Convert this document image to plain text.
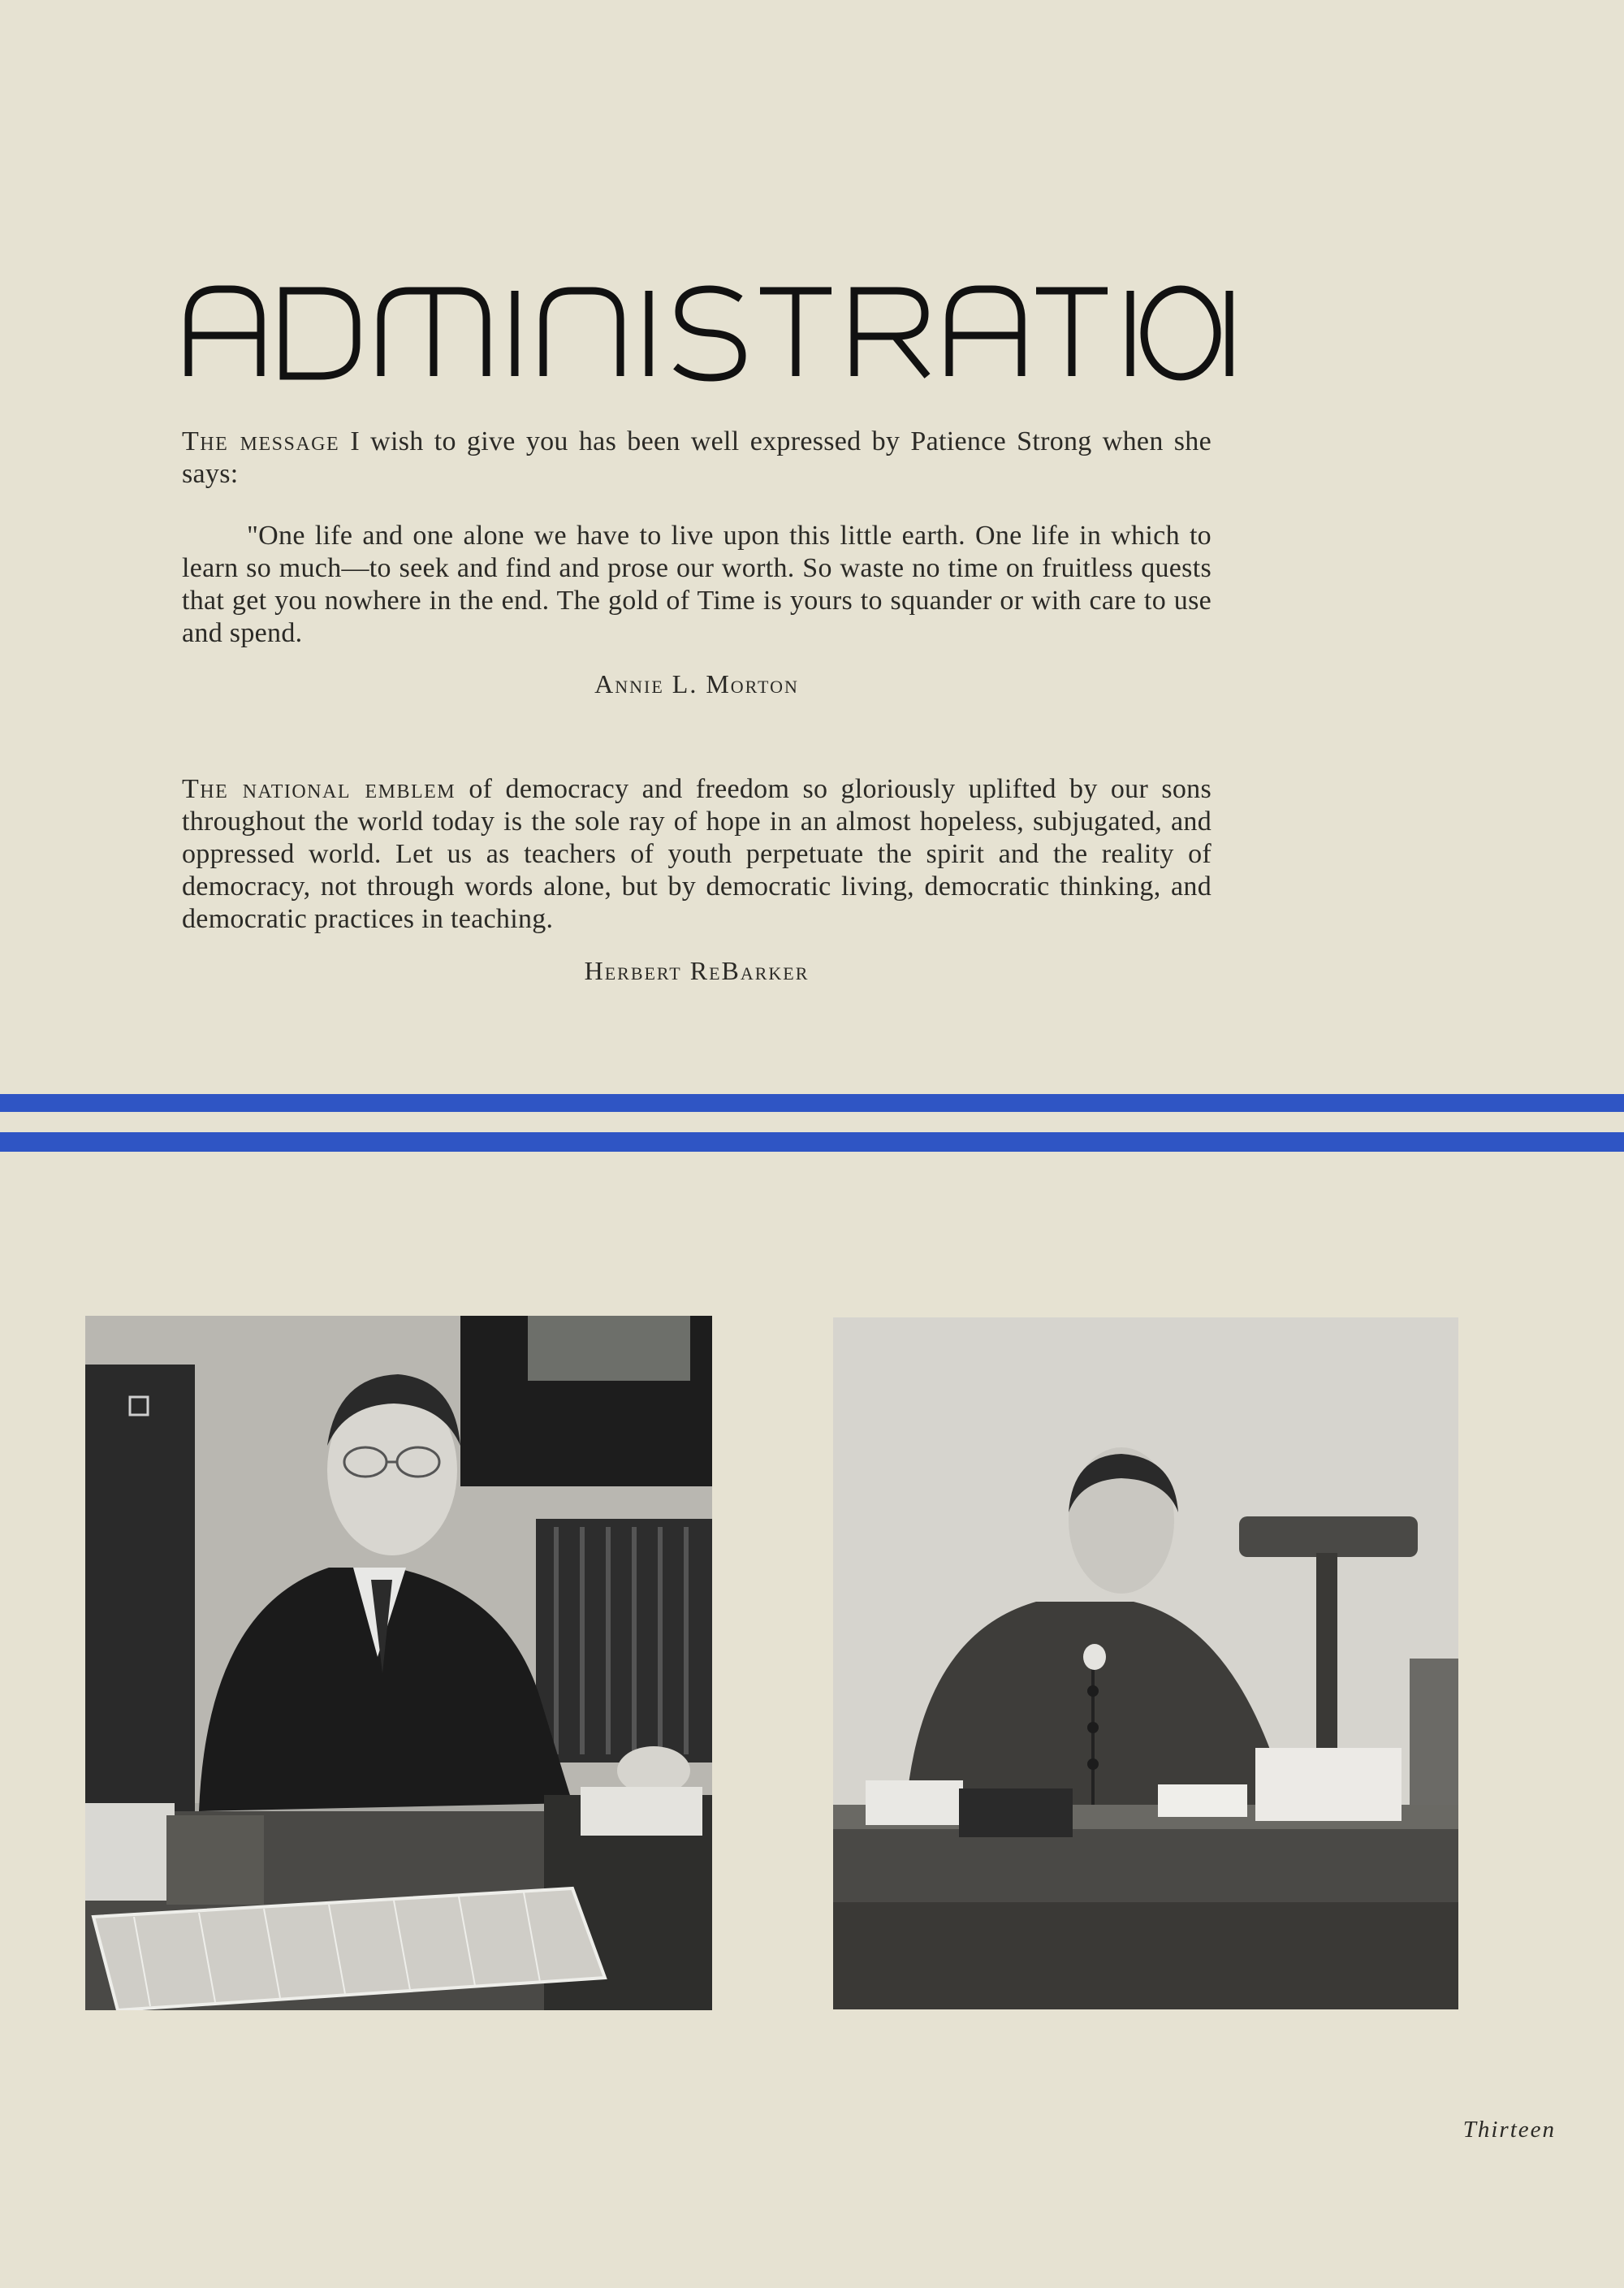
The message I wish to give you has been well expressed by Patience Strong when she says:
"One life and one alone we have to live upon this little earth. One life in which to learn so much—to seek and find and prose our worth. So waste no time on fruitless quests that get you nowhere in the end. The gold of Time is yours to squander or with care to use and spend.
Annie L. Morton
The national emblem of democracy and freedom so gloriously uplifted by our sons throughout the world today is the sole ray of hope in an almost hopeless, subjugated, and oppressed world. Let us as teachers of youth perpetuate the spirit and the reality of democracy, not through words alone, but by democratic living, democratic thinking, and democratic practices in teaching.
Herbert ReBarker
Thirteen
